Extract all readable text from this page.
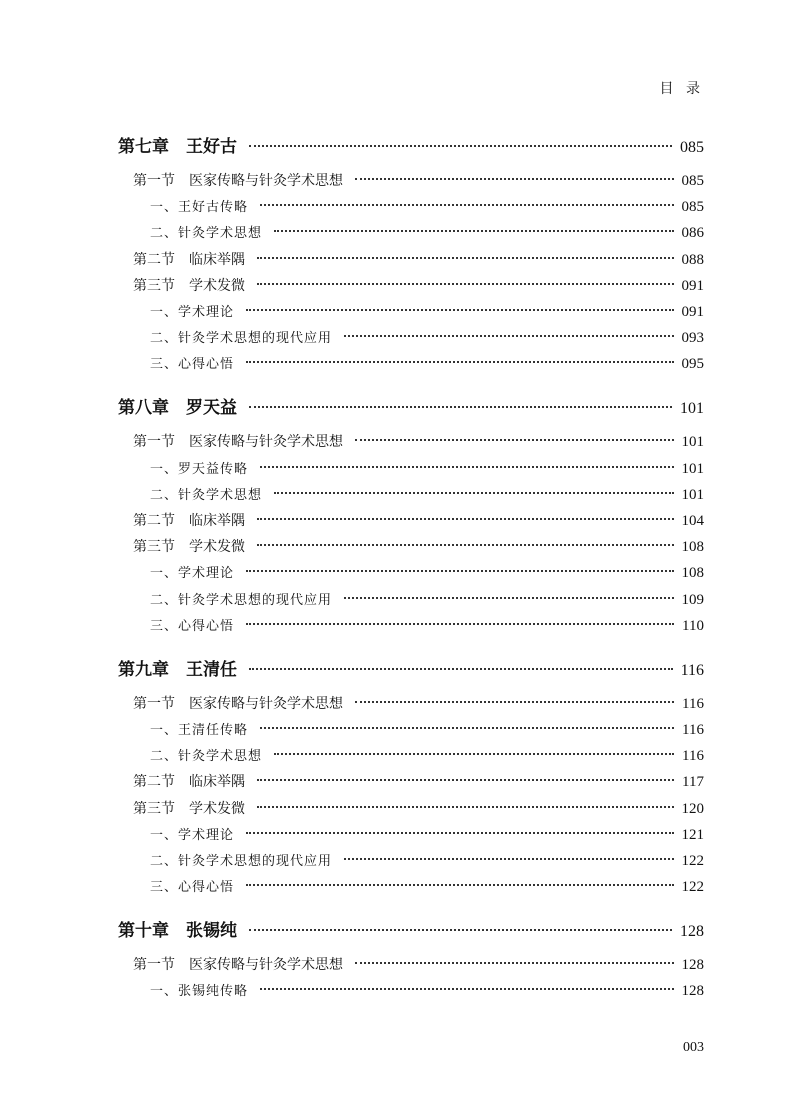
目 录
第七章　王好古	085
第一节　医家传略与针灸学术思想	085
一、王好古传略	085
二、针灸学术思想	086
第二节　临床举隅	088
第三节　学术发微	091
一、学术理论	091
二、针灸学术思想的现代应用	093
三、心得心悟	095
第八章　罗天益	101
第一节　医家传略与针灸学术思想	101
一、罗天益传略	101
二、针灸学术思想	101
第二节　临床举隅	104
第三节　学术发微	108
一、学术理论	108
二、针灸学术思想的现代应用	109
三、心得心悟	110
第九章　王清任	116
第一节　医家传略与针灸学术思想	116
一、王清任传略	116
二、针灸学术思想	116
第二节　临床举隅	117
第三节　学术发微	120
一、学术理论	121
二、针灸学术思想的现代应用	122
三、心得心悟	122
第十章　张锡纯	128
第一节　医家传略与针灸学术思想	128
一、张锡纯传略	128
003
